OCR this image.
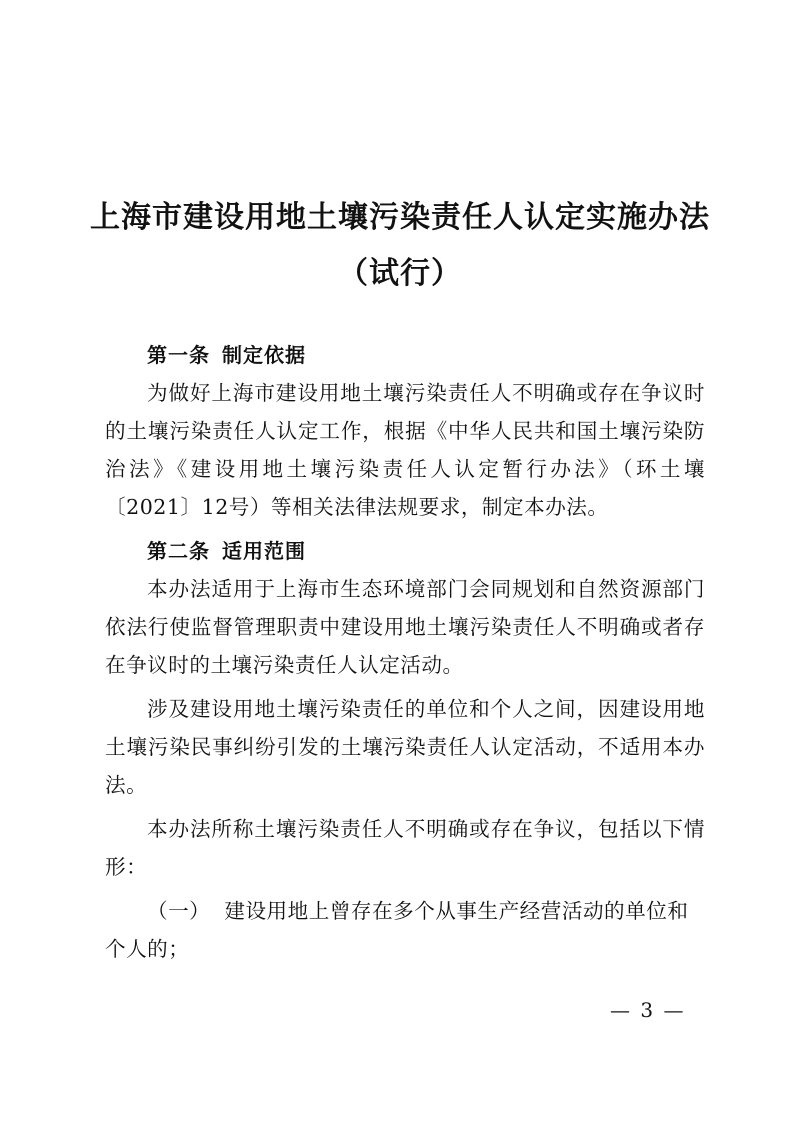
上海市建设用地土壤污染责任人认定实施办法
（试行）

第一条 制定依据

为做好上海市建设用地土壤污染责任人不明确或存在争议时的土壤污染责任人认定工作，根据《中华人民共和国土壤污染防治法》《建设用地土壤污染责任人认定暂行办法》（环土壤〔2021〕12号）等相关法律法规要求，制定本办法。

第二条 适用范围

本办法适用于上海市生态环境部门会同规划和自然资源部门依法行使监督管理职责中建设用地土壤污染责任人不明确或者存在争议时的土壤污染责任人认定活动。

涉及建设用地土壤污染责任的单位和个人之间，因建设用地土壤污染民事纠纷引发的土壤污染责任人认定活动，不适用本办法。

本办法所称土壤污染责任人不明确或存在争议，包括以下情形：

（一） 建设用地上曾存在多个从事生产经营活动的单位和个人的；

— 3 —
